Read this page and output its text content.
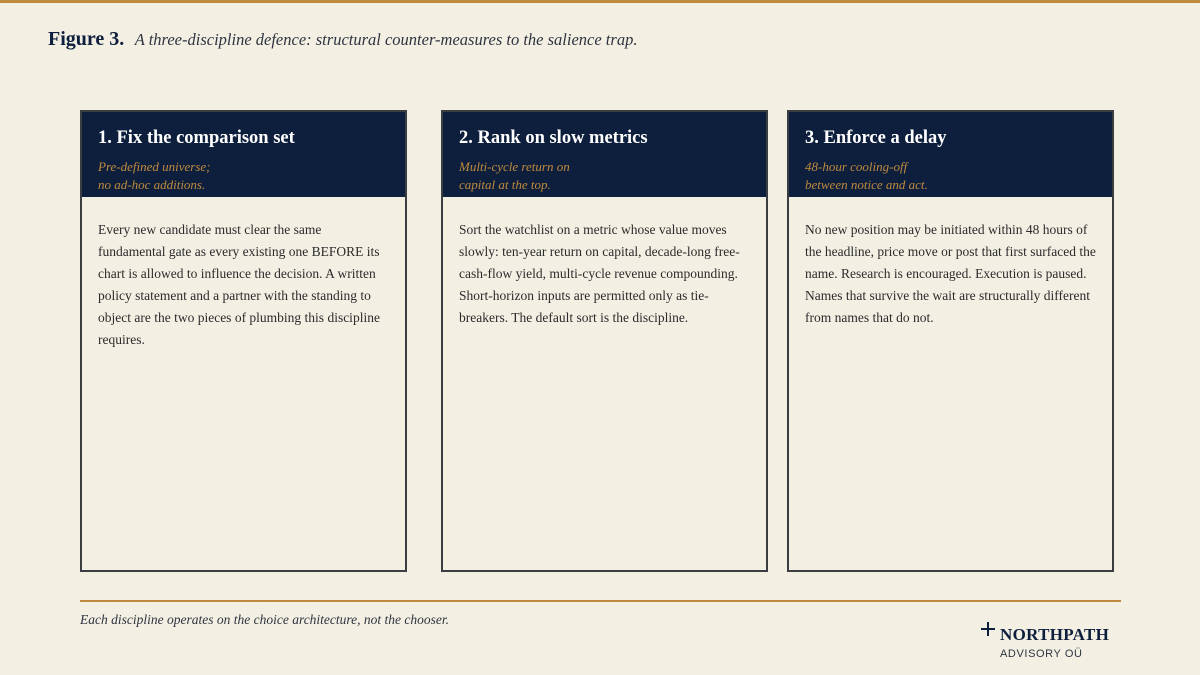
Figure 3. A three-discipline defence: structural counter-measures to the salience trap.
1. Fix the comparison set
Pre-defined universe;
no ad-hoc additions.
Every new candidate must clear the same fundamental gate as every existing one BEFORE its chart is allowed to influence the decision. A written policy statement and a partner with the standing to object are the two pieces of plumbing this discipline requires.
2. Rank on slow metrics
Multi-cycle return on
capital at the top.
Sort the watchlist on a metric whose value moves slowly: ten-year return on capital, decade-long free-cash-flow yield, multi-cycle revenue compounding. Short-horizon inputs are permitted only as tie-breakers. The default sort is the discipline.
3. Enforce a delay
48-hour cooling-off
between notice and act.
No new position may be initiated within 48 hours of the headline, price move or post that first surfaced the name. Research is encouraged. Execution is paused. Names that survive the wait are structurally different from names that do not.
Each discipline operates on the choice architecture, not the chooser.
NORTHPATH
ADVISORY OÜ
